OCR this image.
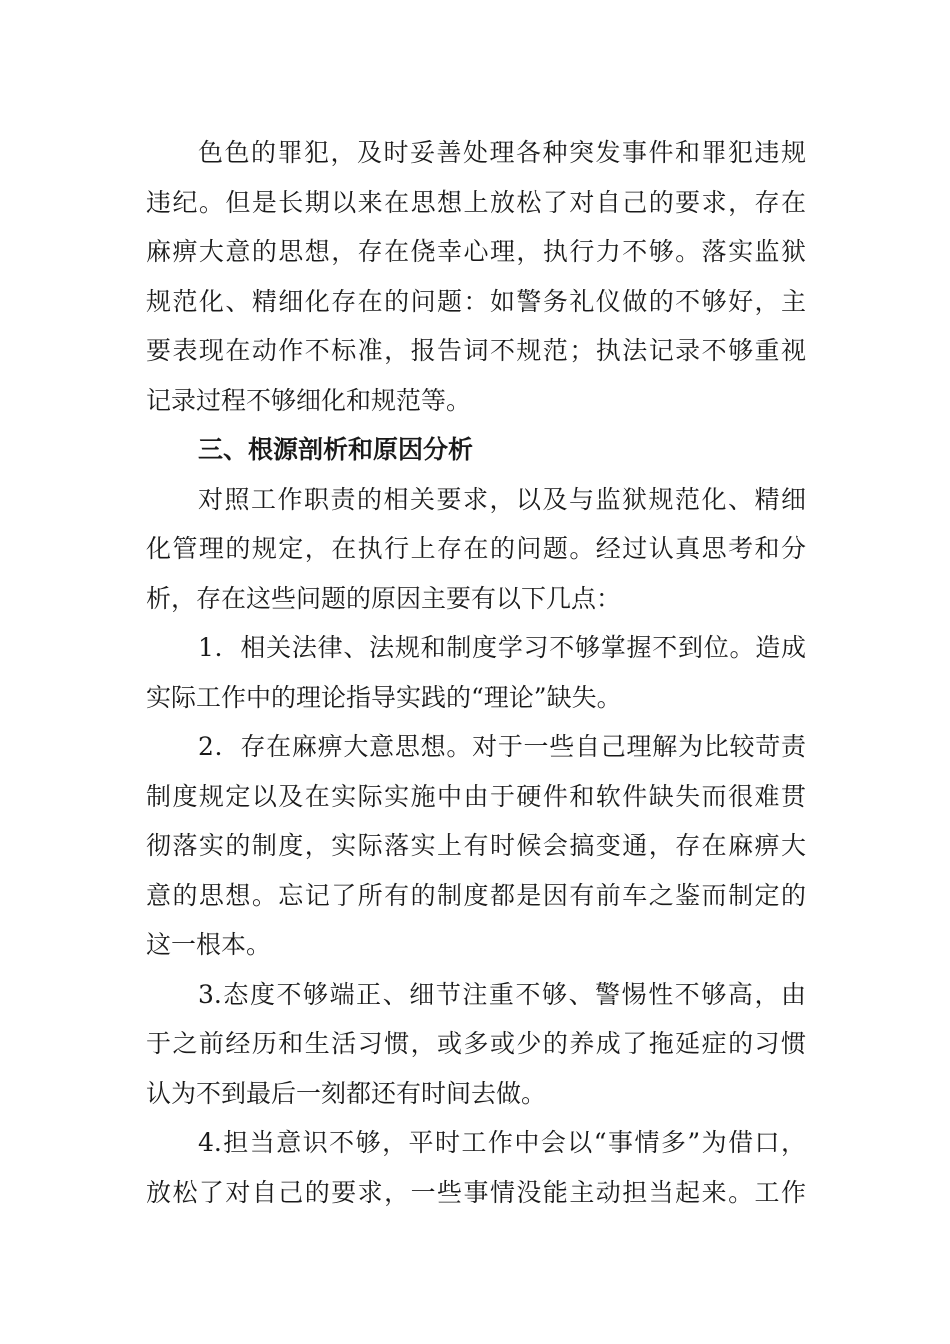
色色的罪犯，及时妥善处理各种突发事件和罪犯违规
违纪。但是长期以来在思想上放松了对自己的要求，存在
麻痹大意的思想，存在侥幸心理，执行力不够。落实监狱
规范化、精细化存在的问题：如警务礼仪做的不够好，主
要表现在动作不标准，报告词不规范；执法记录不够重视
记录过程不够细化和规范等。
三、根源剖析和原因分析
对照工作职责的相关要求，以及与监狱规范化、精细
化管理的规定，在执行上存在的问题。经过认真思考和分
析，存在这些问题的原因主要有以下几点：
1．相关法律、法规和制度学习不够掌握不到位。造成
实际工作中的理论指导实践的“理论”缺失。
2．存在麻痹大意思想。对于一些自己理解为比较苛责
制度规定以及在实际实施中由于硬件和软件缺失而很难贯
彻落实的制度，实际落实上有时候会搞变通，存在麻痹大
意的思想。忘记了所有的制度都是因有前车之鉴而制定的
这一根本。
3.态度不够端正、细节注重不够、警惕性不够高，由
于之前经历和生活习惯，或多或少的养成了拖延症的习惯
认为不到最后一刻都还有时间去做。
4.担当意识不够，平时工作中会以“事情多”为借口，
放松了对自己的要求，一些事情没能主动担当起来。工作
